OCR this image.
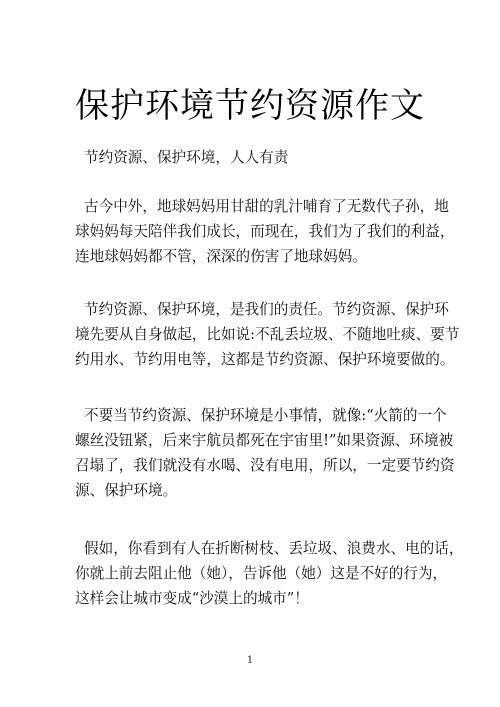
保护环境节约资源作文

节约资源、保护环境，人人有责

古今中外，地球妈妈用甘甜的乳汁哺育了无数代子孙，地
球妈妈每天陪伴我们成长，而现在，我们为了我们的利益，
连地球妈妈都不管，深深的伤害了地球妈妈。

节约资源、保护环境，是我们的责任。节约资源、保护环
境先要从自身做起，比如说:不乱丢垃圾、不随地吐痰、要节
约用水、节约用电等，这都是节约资源、保护环境要做的。

不要当节约资源、保护环境是小事情，就像:“火箭的一个
螺丝没钮紧，后来宇航员都死在宇宙里!”如果资源、环境被
召塌了，我们就没有水喝、没有电用，所以，一定要节约资
源、保护环境。

假如，你看到有人在折断树枝、丢垃圾、浪费水、电的话，
你就上前去阻止他（她），告诉他（她）这是不好的行为，
这样会让城市变成“沙漠上的城市”！

1
